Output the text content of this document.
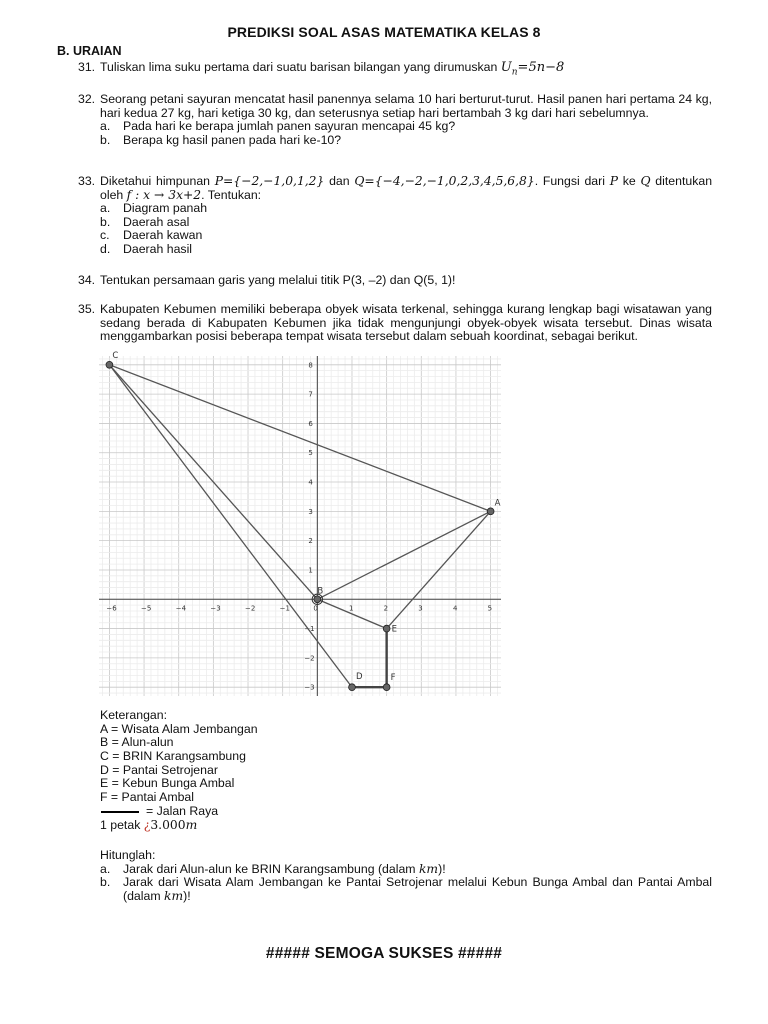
PREDIKSI SOAL ASAS MATEMATIKA KELAS 8
B. URAIAN
31. Tuliskan lima suku pertama dari suatu barisan bilangan yang dirumuskan $U_n=5n-8$
32. Seorang petani sayuran mencatat hasil panennya selama 10 hari berturut-turut. Hasil panen hari pertama 24 kg, hari kedua 27 kg, hari ketiga 30 kg, dan seterusnya setiap hari bertambah 3 kg dari hari sebelumnya.
a. Pada hari ke berapa jumlah panen sayuran mencapai 45 kg?
b. Berapa kg hasil panen pada hari ke-10?
33. Diketahui himpunan P={−2,−1,0,1,2} dan Q={−4,−2,−1,0,2,3,4,5,6,8}. Fungsi dari P ke Q ditentukan oleh f : x → 3x+2. Tentukan:
a. Diagram panah
b. Daerah asal
c. Daerah kawan
d. Daerah hasil
34. Tentukan persamaan garis yang melalui titik P(3, –2) dan Q(5, 1)!
35. Kabupaten Kebumen memiliki beberapa obyek wisata terkenal, sehingga kurang lengkap bagi wisatawan yang sedang berada di Kabupaten Kebumen jika tidak mengunjungi obyek-obyek wisata tersebut. Dinas wisata menggambarkan posisi beberapa tempat wisata tersebut dalam sebuah koordinat, sebagai berikut.
−6	−5	−4	−3	−2	−1	0	1	2	3	4	5
−3
−2
−1
1
2
3
4
5
6
7
8
A
B
C
D
E
F
Keterangan:
A = Wisata Alam Jembangan
B = Alun-alun
C = BRIN Karangsambung
D = Pantai Setrojenar
E = Kebun Bunga Ambal
F = Pantai Ambal
= Jalan Raya
1 petak ¿3.000m
Hitunglah:
a. Jarak dari Alun-alun ke BRIN Karangsambung (dalam km)!
b. Jarak dari Wisata Alam Jembangan ke Pantai Setrojenar melalui Kebun Bunga Ambal dan Pantai Ambal (dalam km)!
##### SEMOGA SUKSES #####
